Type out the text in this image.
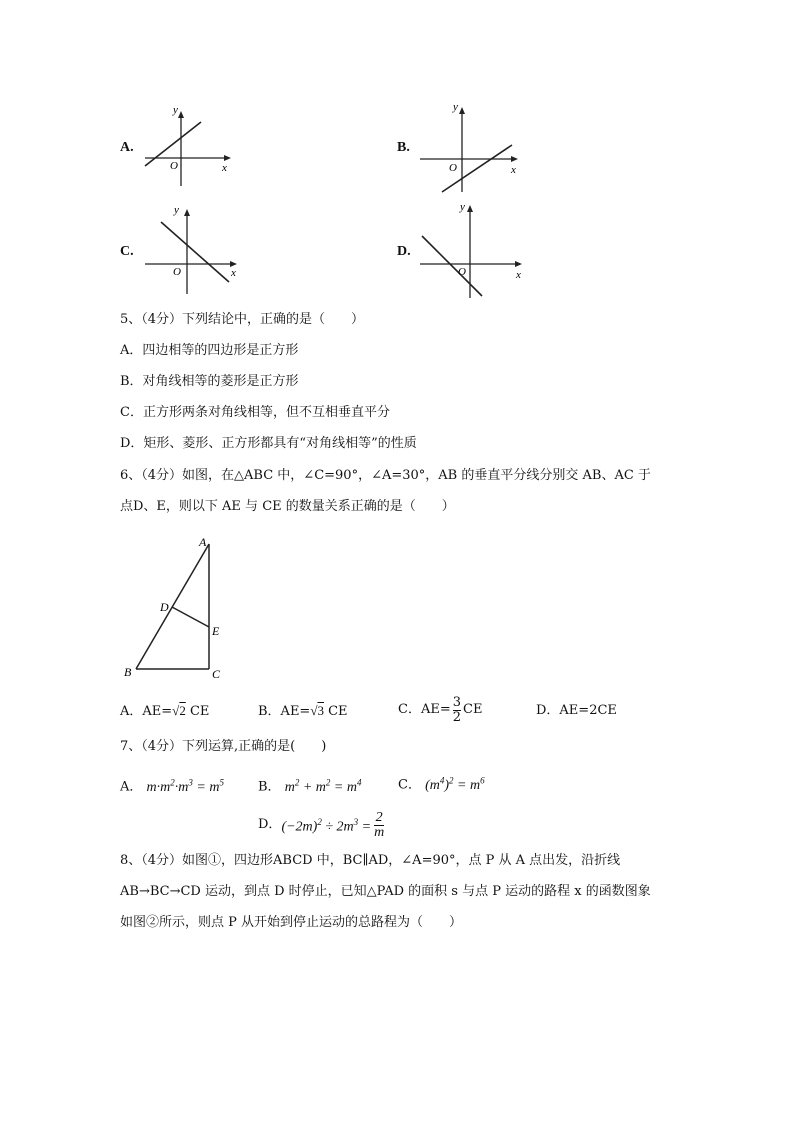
A.
y
x
O
B.
y
x
O
C.
y
x
O
D.
y
x
O
5、（4分）下列结论中，正确的是（　　）
A．四边相等的四边形是正方形
B．对角线相等的菱形是正方形
C．正方形两条对角线相等，但不互相垂直平分
D．矩形、菱形、正方形都具有“对角线相等”的性质
6、（4分）如图，在△ABC 中，∠C=90°，∠A=30°，AB 的垂直平分线分别交 AB、AC 于
点D、E，则以下 AE 与 CE 的数量关系正确的是（　　）
A
D
E
B	C
A．AE=√2 CE	B．AE=√3 CE	C．$AE= \frac{3}{2}$ CE	D．AE=2CE
7、（4分）下列运算,正确的是(　　)
A． $m\cdot m^2\cdot m^3 = m^5$	B． $m^2 + m^2 = m^4$	C． $(m^4)^2 = m^6$
D． $(-2m)^2 \div 2m^3 = \frac{2}{m}$
8、（4分）如图①，四边形ABCD 中，BC∥AD，∠A=90°，点 P 从 A 点出发，沿折线
AB→BC→CD 运动，到点 D 时停止，已知△PAD 的面积 s 与点 P 运动的路程 x 的函数图象
如图②所示，则点 P 从开始到停止运动的总路程为（　　）
